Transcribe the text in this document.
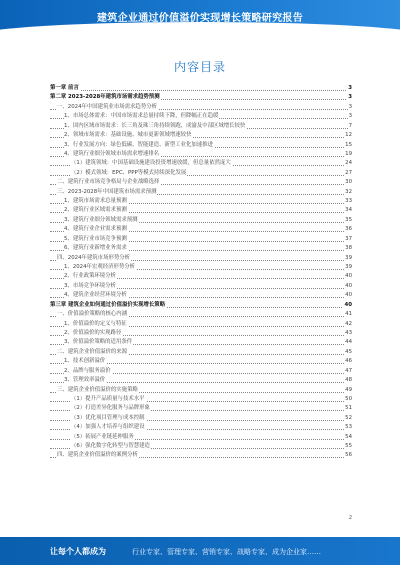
建筑企业通过价值溢价实现增长策略研究报告
内容目录
第一章 前言	3
第二章 2023-2028年建筑市场需求趋势预测	3
一、2024年中国建筑业市场需求趋势分析	3
1、市场总体需求：中国市场需求总量持续下降，但降幅正在趋缓	3
1、国内区域市场需求：长三角及珠三角持续领跑，成渝及中部区域增长较快	7
2、领域市场需求：基础设施、城市更新领域增速较快	12
3、行业发展方向：绿色低碳、智能建造、新型工业化加速推进	15
4、建筑行业细分领域市场需求增速排名	19
（1）建筑领域：中国基础设施建设投资增速放缓，但总量依然庞大	24
（2）模式领域：EPC、PPP等模式持续深化发展	27
二、建筑行业市场竞争格局与企业战略选择	30
三、2023-2028年中国建筑市场需求预测	32
1、建筑市场需求总量预测	33
2、建筑行业区域需求预测	34
3、建筑行业细分领域需求预测	35
4、建筑行业企业需求预测	36
5、建筑行业市场竞争预测	37
6、建筑行业新增业务需求	38
四、2024年建筑市场形势分析	39
1、2024年宏观经济形势分析	39
2、行业政策环境分析	40
3、市场竞争环境分析	40
4、建筑企业经营环境分析	40
第三章 建筑企业如何通过价值溢价实现增长策略	40
一、价值溢价策略的核心内涵	41
1、价值溢价的定义与特征	42
2、价值溢价的实现路径	43
3、价值溢价策略的适用条件	44
二、建筑企业价值溢价的来源	45
1、技术创新溢价	46
2、品牌与服务溢价	47
3、管理效率溢价	48
三、建筑企业价值溢价的实施策略	49
（1）提升产品质量与技术水平	50
（2）打造差异化服务与品牌形象	51
（3）优化项目管理与成本控制	52
（4）加强人才培养与组织建设	53
（5）拓展产业链延伸服务	54
（6）强化数字化转型与智慧建造	55
四、建筑企业价值溢价的案例分析	56
2
让每个人都成为	行业专家、管理专家、营销专家、战略专家、成为企业家……
